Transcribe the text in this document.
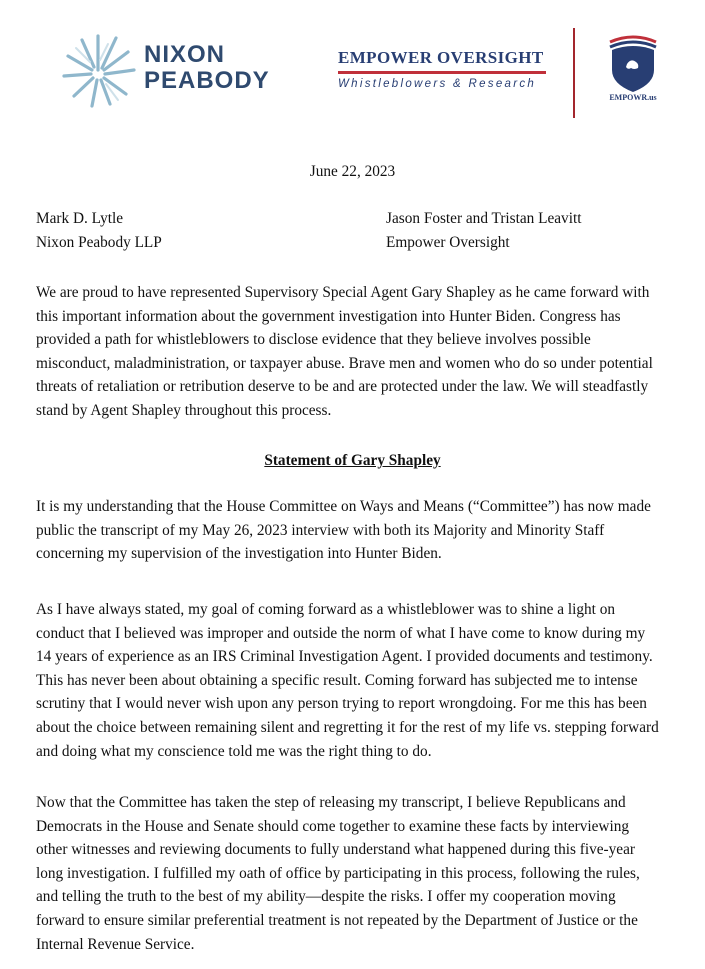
NIXON
PEABODY
EMPOWER OVERSIGHT
Whistleblowers & Research
EMPOWR.us
June 22, 2023
Mark D. Lytle
Nixon Peabody LLP
Jason Foster and Tristan Leavitt
Empower Oversight
We are proud to have represented Supervisory Special Agent Gary Shapley as he came forward with
this important information about the government investigation into Hunter Biden. Congress has
provided a path for whistleblowers to disclose evidence that they believe involves possible
misconduct, maladministration, or taxpayer abuse. Brave men and women who do so under potential
threats of retaliation or retribution deserve to be and are protected under the law. We will steadfastly
stand by Agent Shapley throughout this process.
Statement of Gary Shapley
It is my understanding that the House Committee on Ways and Means (“Committee”) has now made
public the transcript of my May 26, 2023 interview with both its Majority and Minority Staff
concerning my supervision of the investigation into Hunter Biden.
As I have always stated, my goal of coming forward as a whistleblower was to shine a light on
conduct that I believed was improper and outside the norm of what I have come to know during my
14 years of experience as an IRS Criminal Investigation Agent. I provided documents and testimony.
This has never been about obtaining a specific result. Coming forward has subjected me to intense
scrutiny that I would never wish upon any person trying to report wrongdoing. For me this has been
about the choice between remaining silent and regretting it for the rest of my life vs. stepping forward
and doing what my conscience told me was the right thing to do.
Now that the Committee has taken the step of releasing my transcript, I believe Republicans and
Democrats in the House and Senate should come together to examine these facts by interviewing
other witnesses and reviewing documents to fully understand what happened during this five-year
long investigation. I fulfilled my oath of office by participating in this process, following the rules,
and telling the truth to the best of my ability—despite the risks. I offer my cooperation moving
forward to ensure similar preferential treatment is not repeated by the Department of Justice or the
Internal Revenue Service.
